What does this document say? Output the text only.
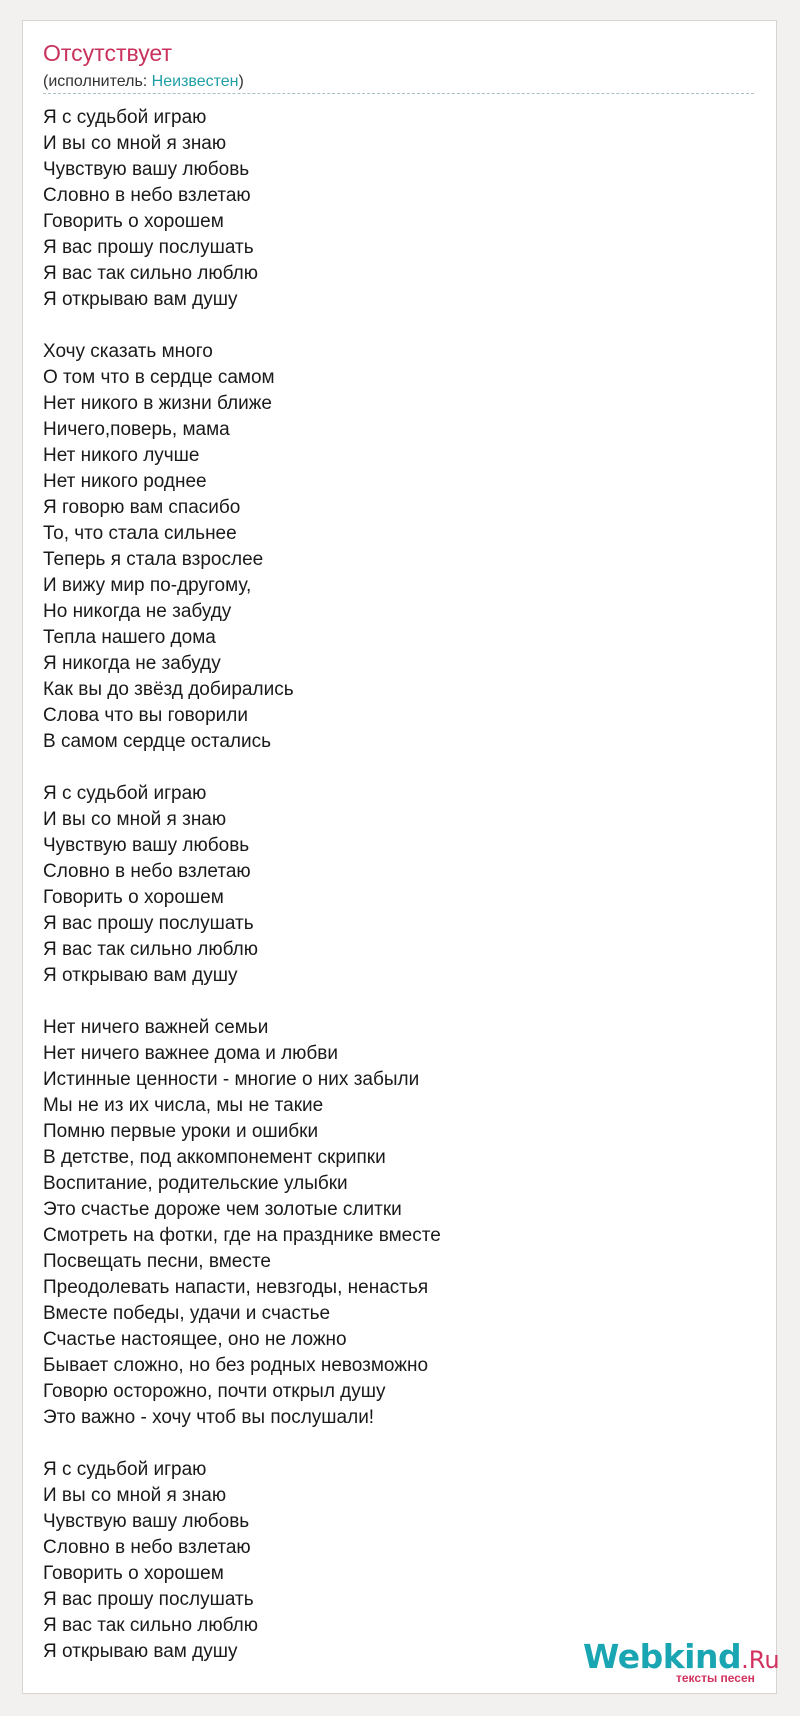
Отсутствует
(исполнитель: Неизвестен)
Я с судьбой играю
И вы со мной я знаю
Чувствую вашу любовь
Словно в небо взлетаю
Говорить о хорошем
Я вас прошу послушать
Я вас так сильно люблю
Я открываю вам душу
Хочу сказать много
О том что в сердце самом
Нет никого в жизни ближе
Ничего,поверь, мама
Нет никого лучше
Нет никого роднее
Я говорю вам спасибо
То, что стала сильнее
Теперь я стала взрослее
И вижу мир по-другому,
Но никогда не забуду
Тепла нашего дома
Я никогда не забуду
Как вы до звёзд добирались
Слова что вы говорили
В самом сердце остались
Я с судьбой играю
И вы со мной я знаю
Чувствую вашу любовь
Словно в небо взлетаю
Говорить о хорошем
Я вас прошу послушать
Я вас так сильно люблю
Я открываю вам душу
Нет ничего важней семьи
Нет ничего важнее дома и любви
Истинные ценности - многие о них забыли
Мы не из их числа, мы не такие
Помню первые уроки и ошибки
В детстве, под аккомпонемент скрипки
Воспитание, родительские улыбки
Это счастье дороже чем золотые слитки
Смотреть на фотки, где на празднике вместе
Посвещать песни, вместе
Преодолевать напасти, невзгоды, ненастья
Вместе победы, удачи и счастье
Счастье настоящее, оно не ложно
Бывает сложно, но без родных невозможно
Говорю осторожно, почти открыл душу
Это важно - хочу чтоб вы послушали!
Я с судьбой играю
И вы со мной я знаю
Чувствую вашу любовь
Словно в небо взлетаю
Говорить о хорошем
Я вас прошу послушать
Я вас так сильно люблю
Я открываю вам душу	Webkind.Ru
тексты песен
